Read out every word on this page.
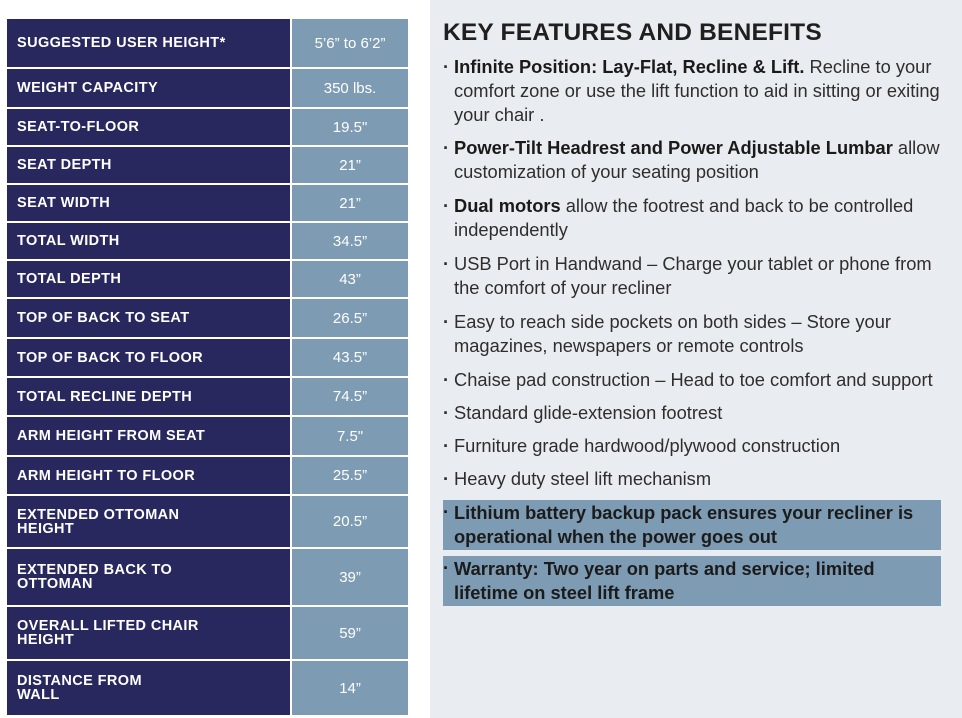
SUGGESTED USER HEIGHT*	5’6” to 6’2”
WEIGHT CAPACITY	350 lbs.
SEAT-TO-FLOOR	19.5"
SEAT DEPTH	21”
SEAT WIDTH	21”
TOTAL WIDTH	34.5”
TOTAL DEPTH	43”
TOP OF BACK TO SEAT	26.5”
TOP OF BACK TO FLOOR	43.5”
TOTAL RECLINE DEPTH	74.5”
ARM HEIGHT FROM SEAT	7.5"
ARM HEIGHT TO FLOOR	25.5”
EXTENDED OTTOMAN HEIGHT	20.5”
EXTENDED BACK TO OTTOMAN	39”
OVERALL LIFTED CHAIR HEIGHT	59”
DISTANCE FROM WALL	14”
KEY FEATURES AND BENEFITS
· Infinite Position: Lay-Flat, Recline & Lift. Recline to your comfort zone or use the lift function to aid in sitting or exiting your chair .
· Power-Tilt Headrest and Power Adjustable Lumbar allow customization of your seating position
· Dual motors allow the footrest and back to be controlled independently
· USB Port in Handwand – Charge your tablet or phone from the comfort of your recliner
· Easy to reach side pockets on both sides – Store your magazines, newspapers or remote controls
· Chaise pad construction – Head to toe comfort and support
· Standard glide-extension footrest
· Furniture grade hardwood/plywood construction
· Heavy duty steel lift mechanism
· Lithium battery backup pack ensures your recliner is operational when the power goes out
· Warranty: Two year on parts and service; limited lifetime on steel lift frame
